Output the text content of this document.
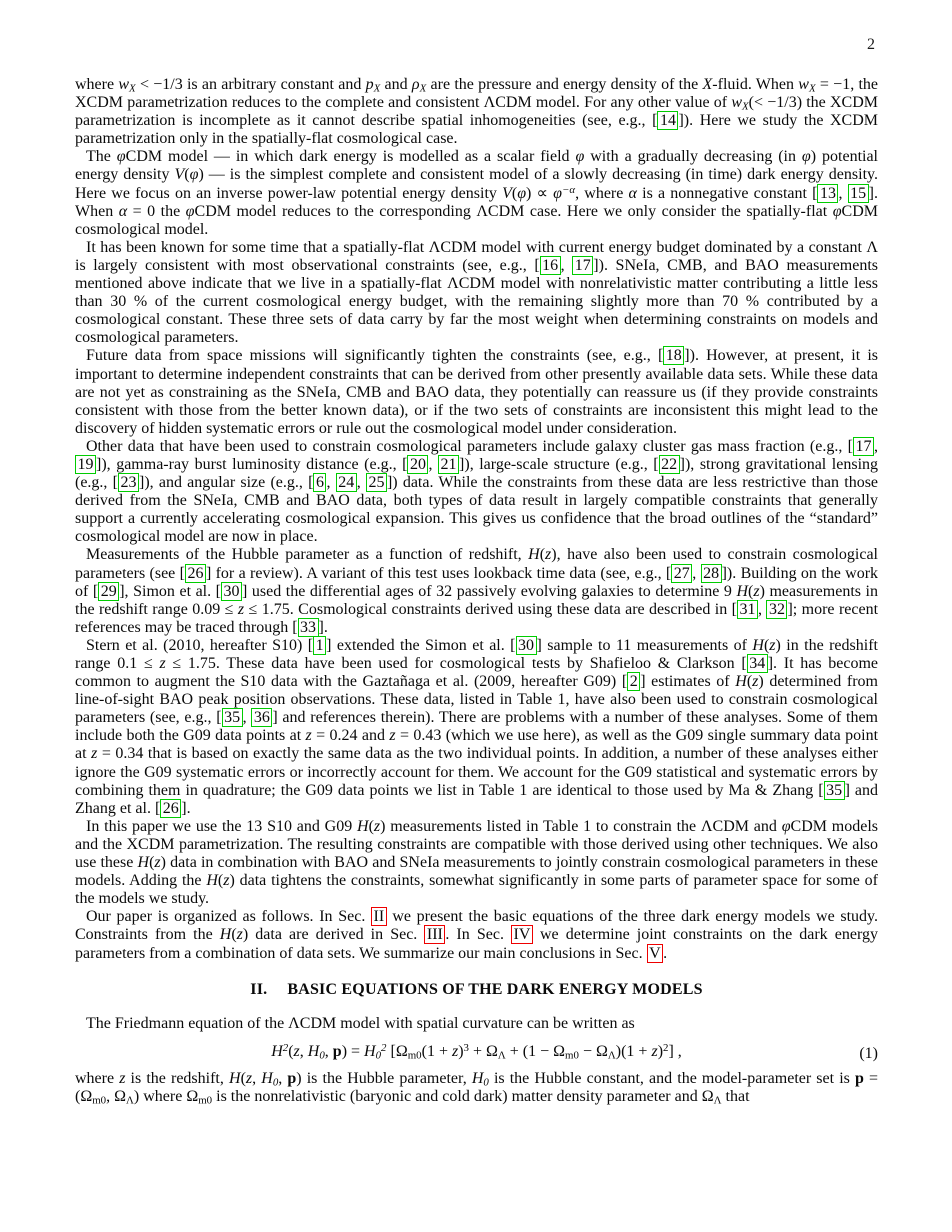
2

where $w_X < -1/3$ is an arbitrary constant and $p_X$ and $\rho_X$ are the pressure and energy density of the X-fluid. When $w_X = -1$, the XCDM parametrization reduces to the complete and consistent ΛCDM model. For any other value of $w_X(< -1/3)$ the XCDM parametrization is incomplete as it cannot describe spatial inhomogeneities (see, e.g., [ 14 ]). Here we study the XCDM parametrization only in the spatially-flat cosmological case.

The φCDM model — in which dark energy is modelled as a scalar field φ with a gradually decreasing (in φ) potential energy density V(φ) — is the simplest complete and consistent model of a slowly decreasing (in time) dark energy density. Here we focus on an inverse power-law potential energy density $V(\varphi) \propto \varphi^{-\alpha}$, where α is a nonnegative constant [ 13 , 15 ]. When α = 0 the φCDM model reduces to the corresponding ΛCDM case. Here we only consider the spatially-flat φCDM cosmological model.

It has been known for some time that a spatially-flat ΛCDM model with current energy budget dominated by a constant Λ is largely consistent with most observational constraints (see, e.g., [ 16 , 17 ]). SNeIa, CMB, and BAO measurements mentioned above indicate that we live in a spatially-flat ΛCDM model with nonrelativistic matter contributing a little less than 30 % of the current cosmological energy budget, with the remaining slightly more than 70 % contributed by a cosmological constant. These three sets of data carry by far the most weight when determining constraints on models and cosmological parameters.

Future data from space missions will significantly tighten the constraints (see, e.g., [ 18 ]). However, at present, it is important to determine independent constraints that can be derived from other presently available data sets. While these data are not yet as constraining as the SNeIa, CMB and BAO data, they potentially can reassure us (if they provide constraints consistent with those from the better known data), or if the two sets of constraints are inconsistent this might lead to the discovery of hidden systematic errors or rule out the cosmological model under consideration.

Other data that have been used to constrain cosmological parameters include galaxy cluster gas mass fraction (e.g., [ 17 , 19 ]), gamma-ray burst luminosity distance (e.g., [ 20 , 21 ]), large-scale structure (e.g., [ 22 ]), strong gravitational lensing (e.g., [ 23 ]), and angular size (e.g., [ 6 , 24 , 25 ]) data. While the constraints from these data are less restrictive than those derived from the SNeIa, CMB and BAO data, both types of data result in largely compatible constraints that generally support a currently accelerating cosmological expansion. This gives us confidence that the broad outlines of the “standard” cosmological model are now in place.

Measurements of the Hubble parameter as a function of redshift, H(z), have also been used to constrain cosmological parameters (see [ 26 ] for a review). A variant of this test uses lookback time data (see, e.g., [ 27 , 28 ]). Building on the work of [ 29 ], Simon et al. [ 30 ] used the differential ages of 32 passively evolving galaxies to determine 9 H(z) measurements in the redshift range 0.09 ≤ z ≤ 1.75. Cosmological constraints derived using these data are described in [ 31 , 32 ]; more recent references may be traced through [ 33 ].

Stern et al. (2010, hereafter S10) [ 1 ] extended the Simon et al. [ 30 ] sample to 11 measurements of H(z) in the redshift range 0.1 ≤ z ≤ 1.75. These data have been used for cosmological tests by Shafieloo & Clarkson [ 34 ]. It has become common to augment the S10 data with the Gaztañaga et al. (2009, hereafter G09) [ 2 ] estimates of H(z) determined from line-of-sight BAO peak position observations. These data, listed in Table 1, have also been used to constrain cosmological parameters (see, e.g., [ 35 , 36 ] and references therein). There are problems with a number of these analyses. Some of them include both the G09 data points at z = 0.24 and z = 0.43 (which we use here), as well as the G09 single summary data point at z = 0.34 that is based on exactly the same data as the two individual points. In addition, a number of these analyses either ignore the G09 systematic errors or incorrectly account for them. We account for the G09 statistical and systematic errors by combining them in quadrature; the G09 data points we list in Table 1 are identical to those used by Ma & Zhang [ 35 ] and Zhang et al. [ 26 ].

In this paper we use the 13 S10 and G09 H(z) measurements listed in Table 1 to constrain the ΛCDM and φCDM models and the XCDM parametrization. The resulting constraints are compatible with those derived using other techniques. We also use these H(z) data in combination with BAO and SNeIa measurements to jointly constrain cosmological parameters in these models. Adding the H(z) data tightens the constraints, somewhat significantly in some parts of parameter space for some of the models we study.

Our paper is organized as follows. In Sec. II we present the basic equations of the three dark energy models we study. Constraints from the H(z) data are derived in Sec. III . In Sec. IV we determine joint constraints on the dark energy parameters from a combination of data sets. We summarize our main conclusions in Sec. V .

II. BASIC EQUATIONS OF THE DARK ENERGY MODELS

The Friedmann equation of the ΛCDM model with spatial curvature can be written as

$H^2(z$, $H_0$, $p) = H_0^2$ $[\Omega_{m0}(1 + z)^3 + \Omega_\Lambda + (1 - \Omega_{m0} - \Omega_\Lambda)(1 + z)^2]$ ,	(1)

where z is the redshift, H(z, $H_0$, p) is the Hubble parameter, $H_0$ is the Hubble constant, and the model-parameter set is $p = (\Omega_{m0}$, $\Omega_\Lambda$) where $\Omega_{m0}$ is the nonrelativistic (baryonic and cold dark) matter density parameter and $\Omega_\Lambda$ that
